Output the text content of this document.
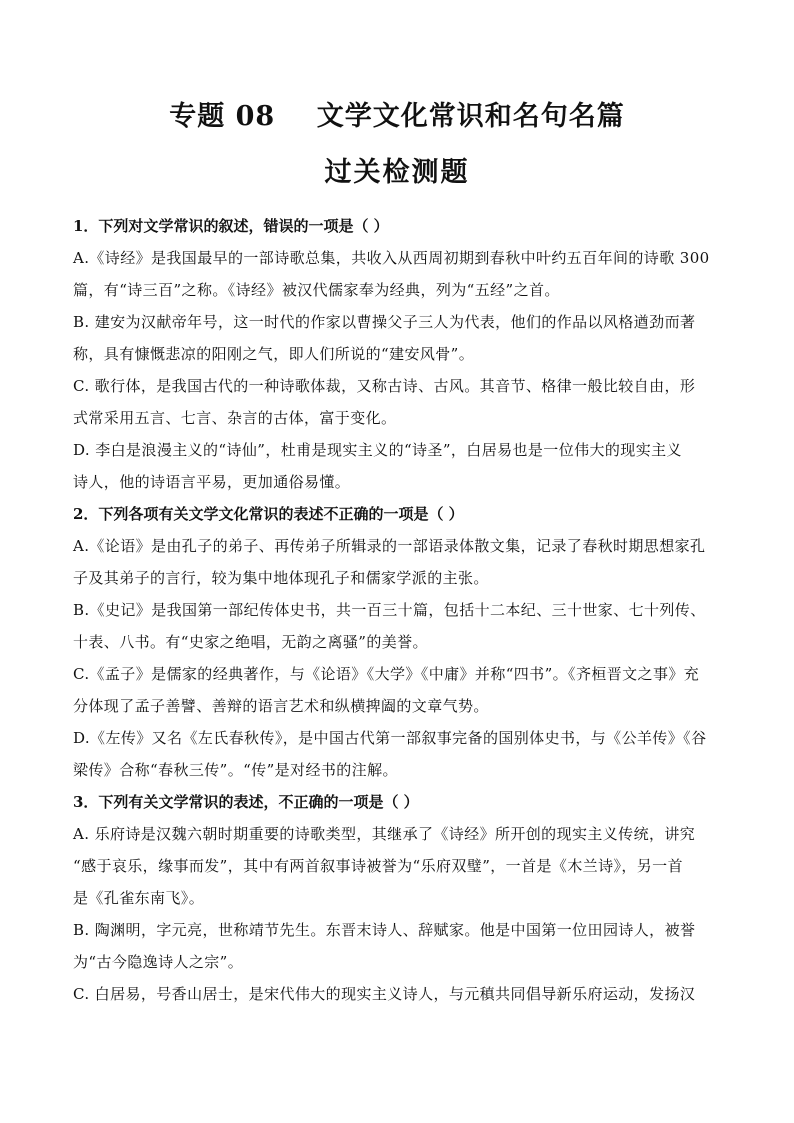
专题 08    文学文化常识和名句名篇
过关检测题
1．下列对文学常识的叙述，错误的一项是（ ）
A.《诗经》是我国最早的一部诗歌总集，共收入从西周初期到春秋中叶约五百年间的诗歌 300
篇，有“诗三百”之称。《诗经》被汉代儒家奉为经典，列为“五经”之首。
B. 建安为汉献帝年号，这一时代的作家以曹操父子三人为代表，他们的作品以风格遒劲而著
称，具有慷慨悲凉的阳刚之气，即人们所说的“建安风骨”。
C. 歌行体，是我国古代的一种诗歌体裁，又称古诗、古风。其音节、格律一般比较自由，形
式常采用五言、七言、杂言的古体，富于变化。
D. 李白是浪漫主义的“诗仙”，杜甫是现实主义的“诗圣”，白居易也是一位伟大的现实主义
诗人，他的诗语言平易，更加通俗易懂。
2．下列各项有关文学文化常识的表述不正确的一项是（ ）
A.《论语》是由孔子的弟子、再传弟子所辑录的一部语录体散文集，记录了春秋时期思想家孔
子及其弟子的言行，较为集中地体现孔子和儒家学派的主张。
B.《史记》是我国第一部纪传体史书，共一百三十篇，包括十二本纪、三十世家、七十列传、
十表、八书。有“史家之绝唱，无韵之离骚”的美誉。
C.《孟子》是儒家的经典著作，与《论语》《大学》《中庸》并称“四书”。《齐桓晋文之事》充
分体现了孟子善譬、善辩的语言艺术和纵横捭阖的文章气势。
D.《左传》又名《左氏春秋传》，是中国古代第一部叙事完备的国别体史书，与《公羊传》《谷
梁传》合称“春秋三传”。“传”是对经书的注解。
3．下列有关文学常识的表述，不正确的一项是（ ）
A. 乐府诗是汉魏六朝时期重要的诗歌类型，其继承了《诗经》所开创的现实主义传统，讲究
“感于哀乐，缘事而发”，其中有两首叙事诗被誉为“乐府双璧”，一首是《木兰诗》，另一首
是《孔雀东南飞》。
B. 陶渊明，字元亮，世称靖节先生。东晋末诗人、辞赋家。他是中国第一位田园诗人，被誉
为“古今隐逸诗人之宗”。
C. 白居易，号香山居士，是宋代伟大的现实主义诗人，与元稹共同倡导新乐府运动，发扬汉
